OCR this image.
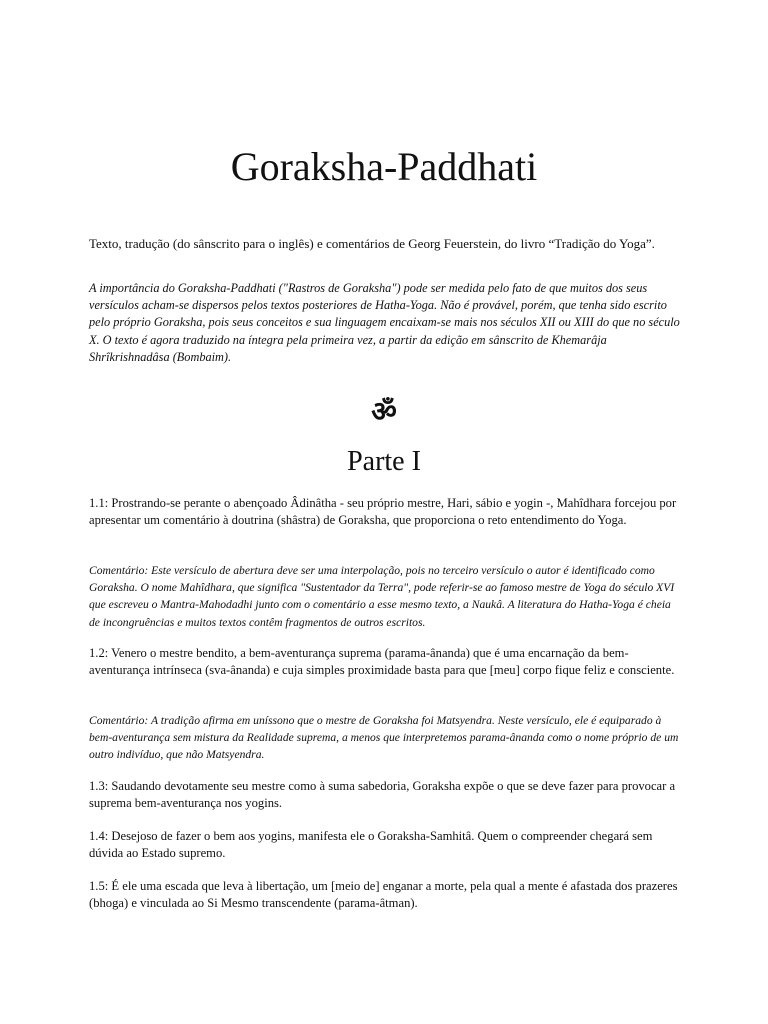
Goraksha-Paddhati

Texto, tradução (do sânscrito para o inglês) e comentários de Georg Feuerstein, do livro “Tradição do Yoga”.

A importância do Goraksha-Paddhati ("Rastros de Goraksha") pode ser medida pelo fato de que muitos dos seus versículos acham-se dispersos pelos textos posteriores de Hatha-Yoga. Não é provável, porém, que tenha sido escrito pelo próprio Goraksha, pois seus conceitos e sua linguagem encaixam-se mais nos séculos XII ou XIII do que no século X. O texto é agora traduzido na íntegra pela primeira vez, a partir da edição em sânscrito de Khemarâja Shrîkrishnadâsa (Bombaim).

ॐ
Parte I

1.1: Prostrando-se perante o abençoado Âdinâtha - seu próprio mestre, Hari, sábio e yogin -, Mahîdhara forcejou por apresentar um comentário à doutrina (shâstra) de Goraksha, que proporciona o reto entendimento do Yoga.

Comentário: Este versículo de abertura deve ser uma interpolação, pois no terceiro versículo o autor é identificado como Goraksha. O nome Mahîdhara, que significa "Sustentador da Terra", pode referir-se ao famoso mestre de Yoga do século XVI que escreveu o Mantra-Mahodadhi junto com o comentário a esse mesmo texto, a Naukâ. A literatura do Hatha-Yoga é cheia de incongruências e muitos textos contêm fragmentos de outros escritos.

1.2: Venero o mestre bendito, a bem-aventurança suprema (parama-ânanda) que é uma encarnação da bem-aventurança intrínseca (sva-ânanda) e cuja simples proximidade basta para que [meu] corpo fique feliz e consciente.

Comentário: A tradição afirma em uníssono que o mestre de Goraksha foi Matsyendra. Neste versículo, ele é equiparado à bem-aventurança sem mistura da Realidade suprema, a menos que interpretemos parama-ânanda como o nome próprio de um outro indivíduo, que não Matsyendra.

1.3: Saudando devotamente seu mestre como à suma sabedoria, Goraksha expõe o que se deve fazer para provocar a suprema bem-aventurança nos yogins.

1.4: Desejoso de fazer o bem aos yogins, manifesta ele o Goraksha-Samhitâ. Quem o compreender chegará sem dúvida ao Estado supremo.

1.5: É ele uma escada que leva à libertação, um [meio de] enganar a morte, pela qual a mente é afastada dos prazeres (bhoga) e vinculada ao Si Mesmo transcendente (parama-âtman).
